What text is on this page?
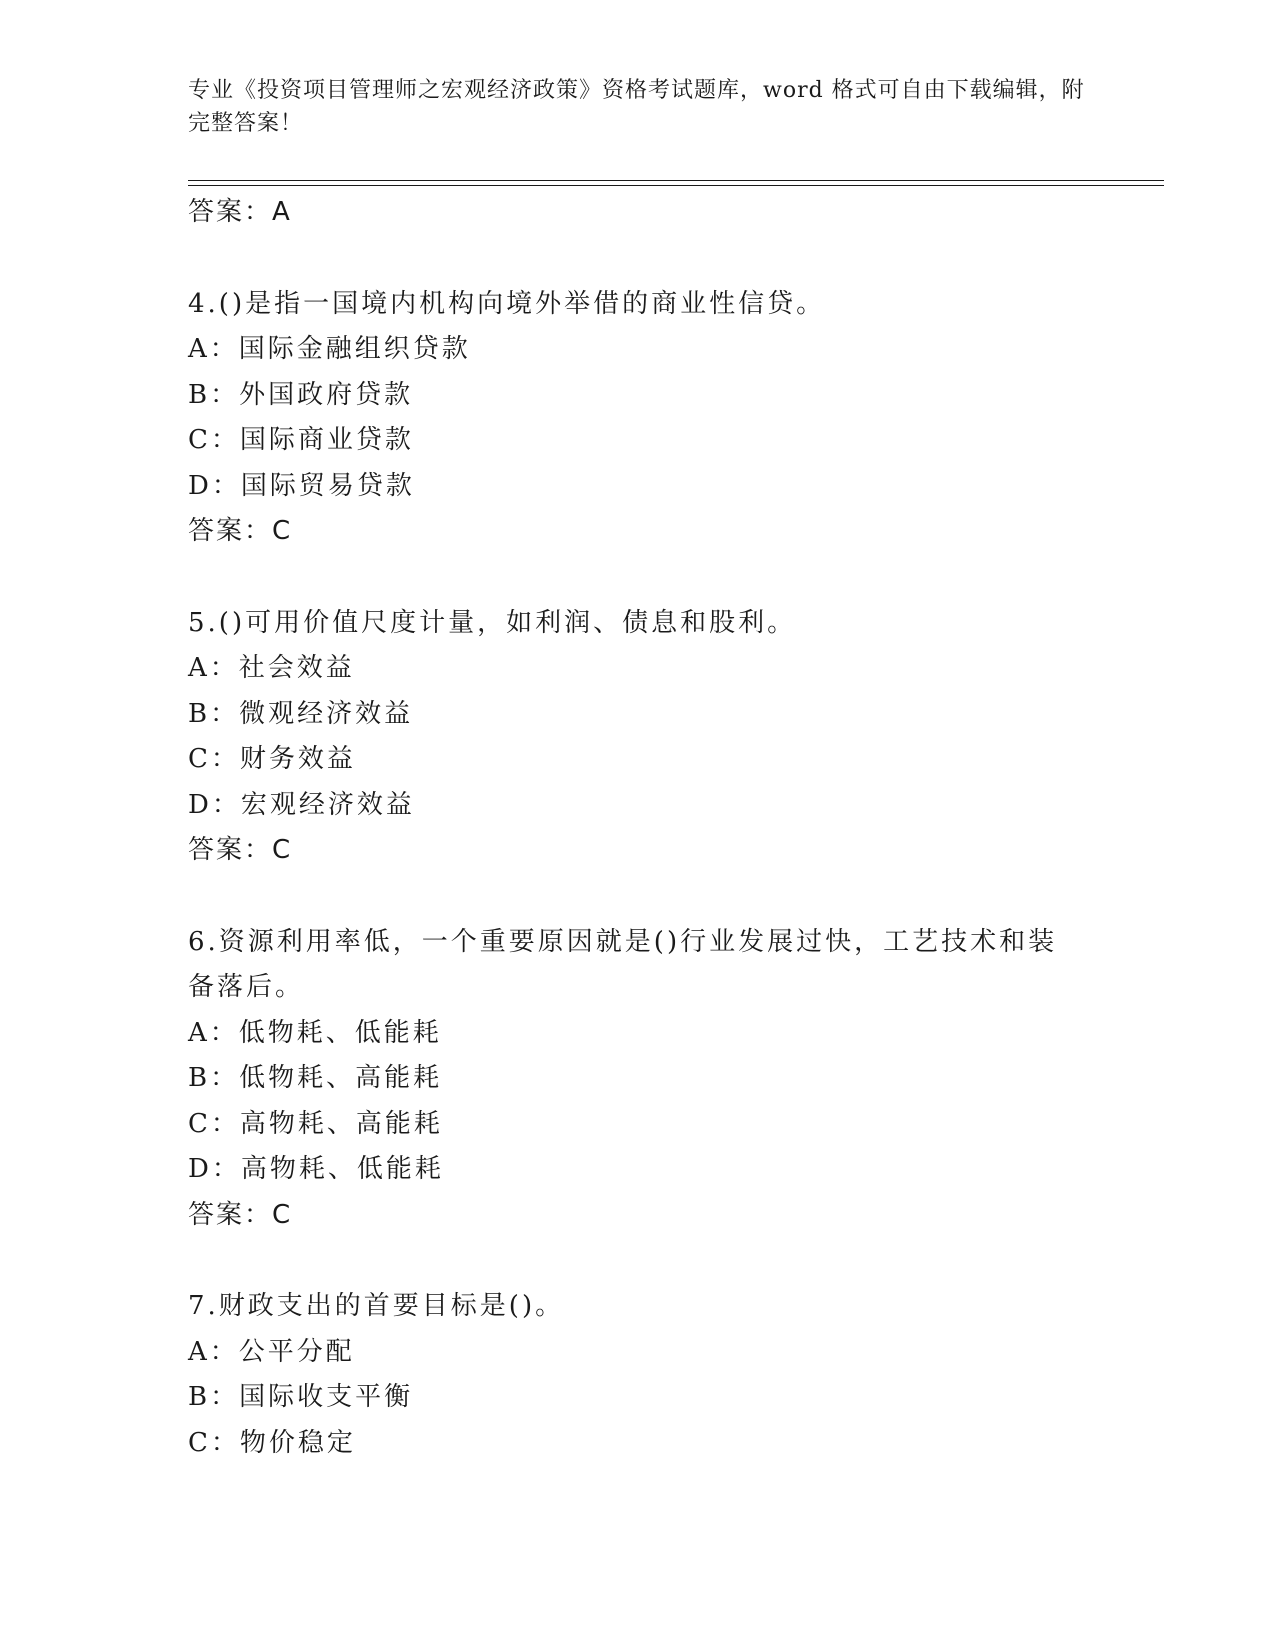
专业《投资项目管理师之宏观经济政策》资格考试题库，word 格式可自由下载编辑，附完整答案！
答案：A
4.()是指一国境内机构向境外举借的商业性信贷。
A：国际金融组织贷款
B：外国政府贷款
C：国际商业贷款
D：国际贸易贷款
答案：C
5.()可用价值尺度计量，如利润、债息和股利。
A：社会效益
B：微观经济效益
C：财务效益
D：宏观经济效益
答案：C
6.资源利用率低，一个重要原因就是()行业发展过快，工艺技术和装
备落后。
A：低物耗、低能耗
B：低物耗、高能耗
C：高物耗、高能耗
D：高物耗、低能耗
答案：C
7.财政支出的首要目标是()。
A：公平分配
B：国际收支平衡
C：物价稳定
